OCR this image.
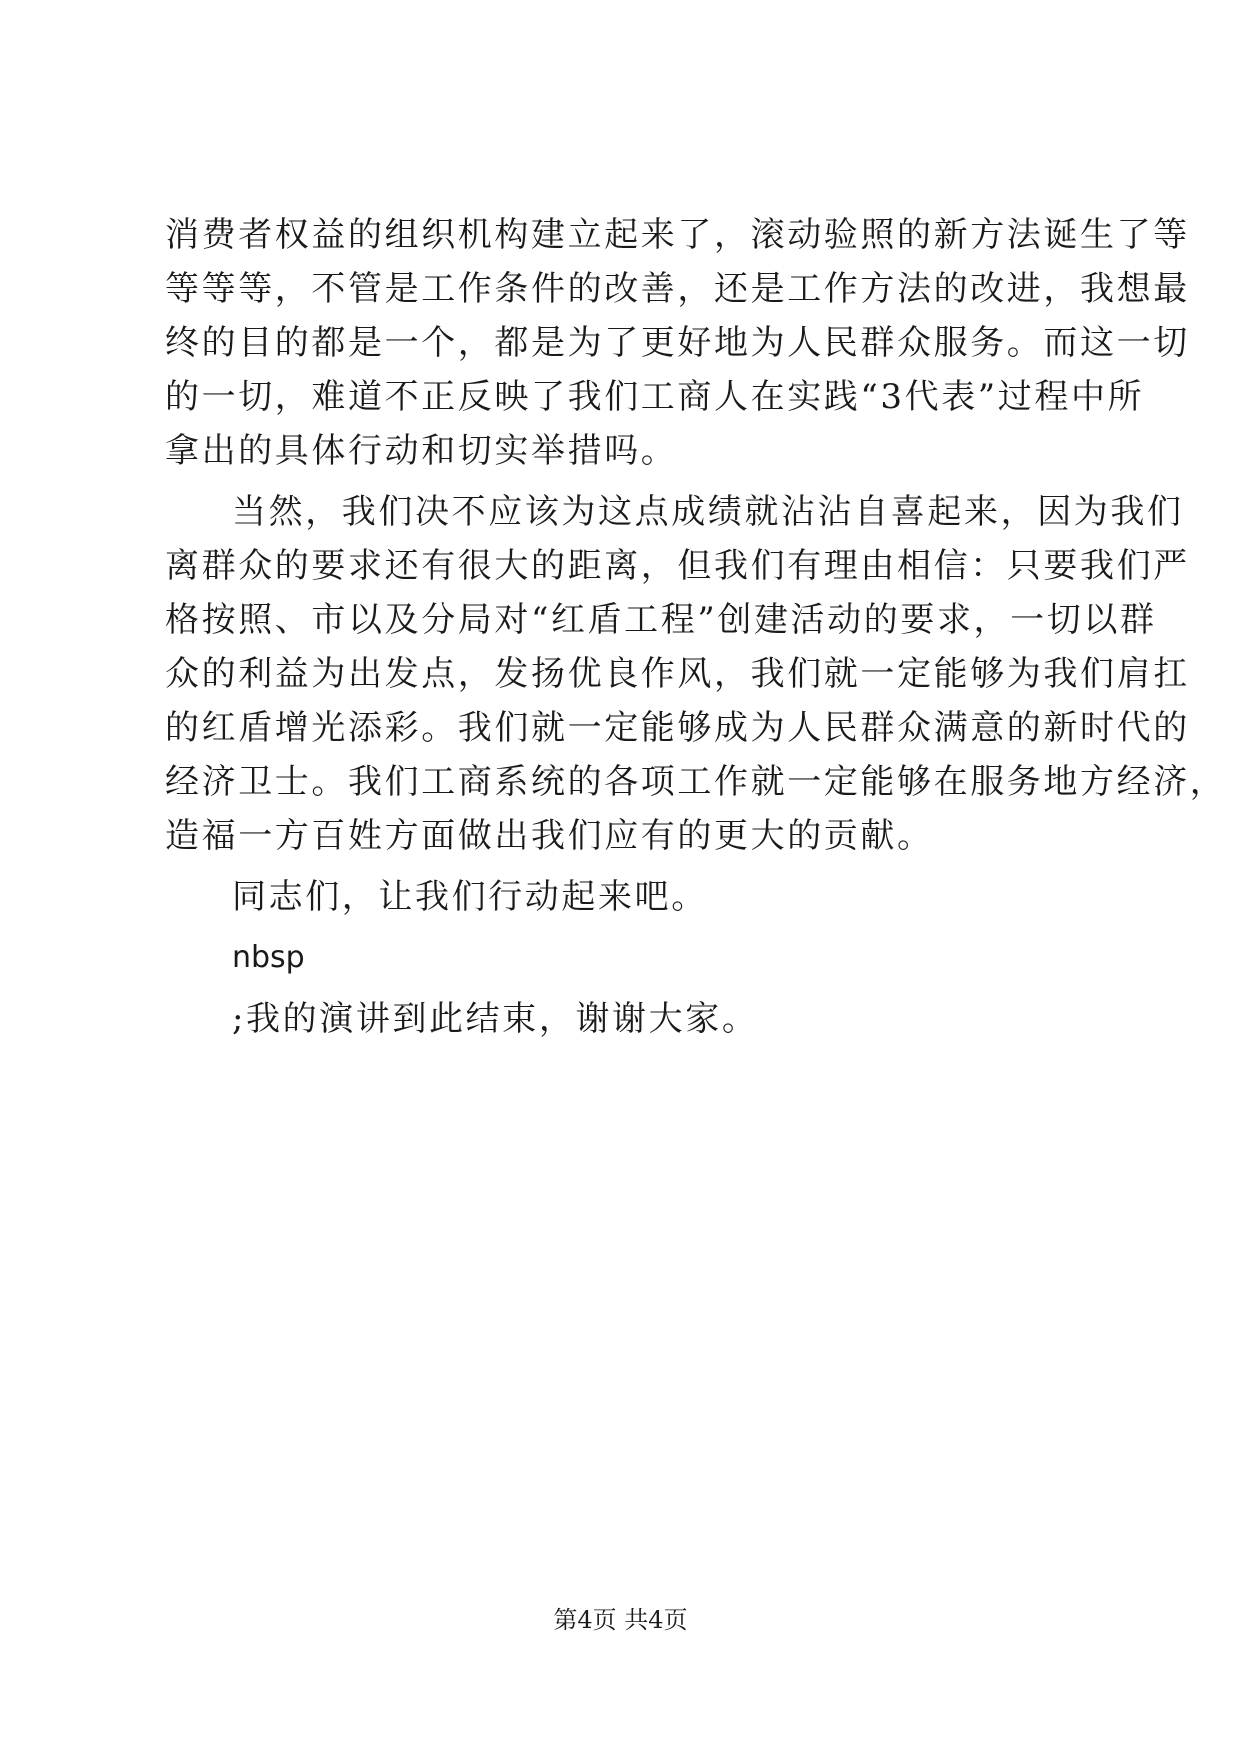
消费者权益的组织机构建立起来了，滚动验照的新方法诞生了等
等等等，不管是工作条件的改善，还是工作方法的改进，我想最
终的目的都是一个，都是为了更好地为人民群众服务。而这一切
的一切，难道不正反映了我们工商人在实践“3代表”过程中所
拿出的具体行动和切实举措吗。
当然，我们决不应该为这点成绩就沾沾自喜起来，因为我们
离群众的要求还有很大的距离，但我们有理由相信：只要我们严
格按照、市以及分局对“红盾工程”创建活动的要求，一切以群
众的利益为出发点，发扬优良作风，我们就一定能够为我们肩扛
的红盾增光添彩。我们就一定能够成为人民群众满意的新时代的
经济卫士。我们工商系统的各项工作就一定能够在服务地方经济，
造福一方百姓方面做出我们应有的更大的贡献。
同志们，让我们行动起来吧。
nbsp
;我的演讲到此结束，谢谢大家。
第4页 共4页
